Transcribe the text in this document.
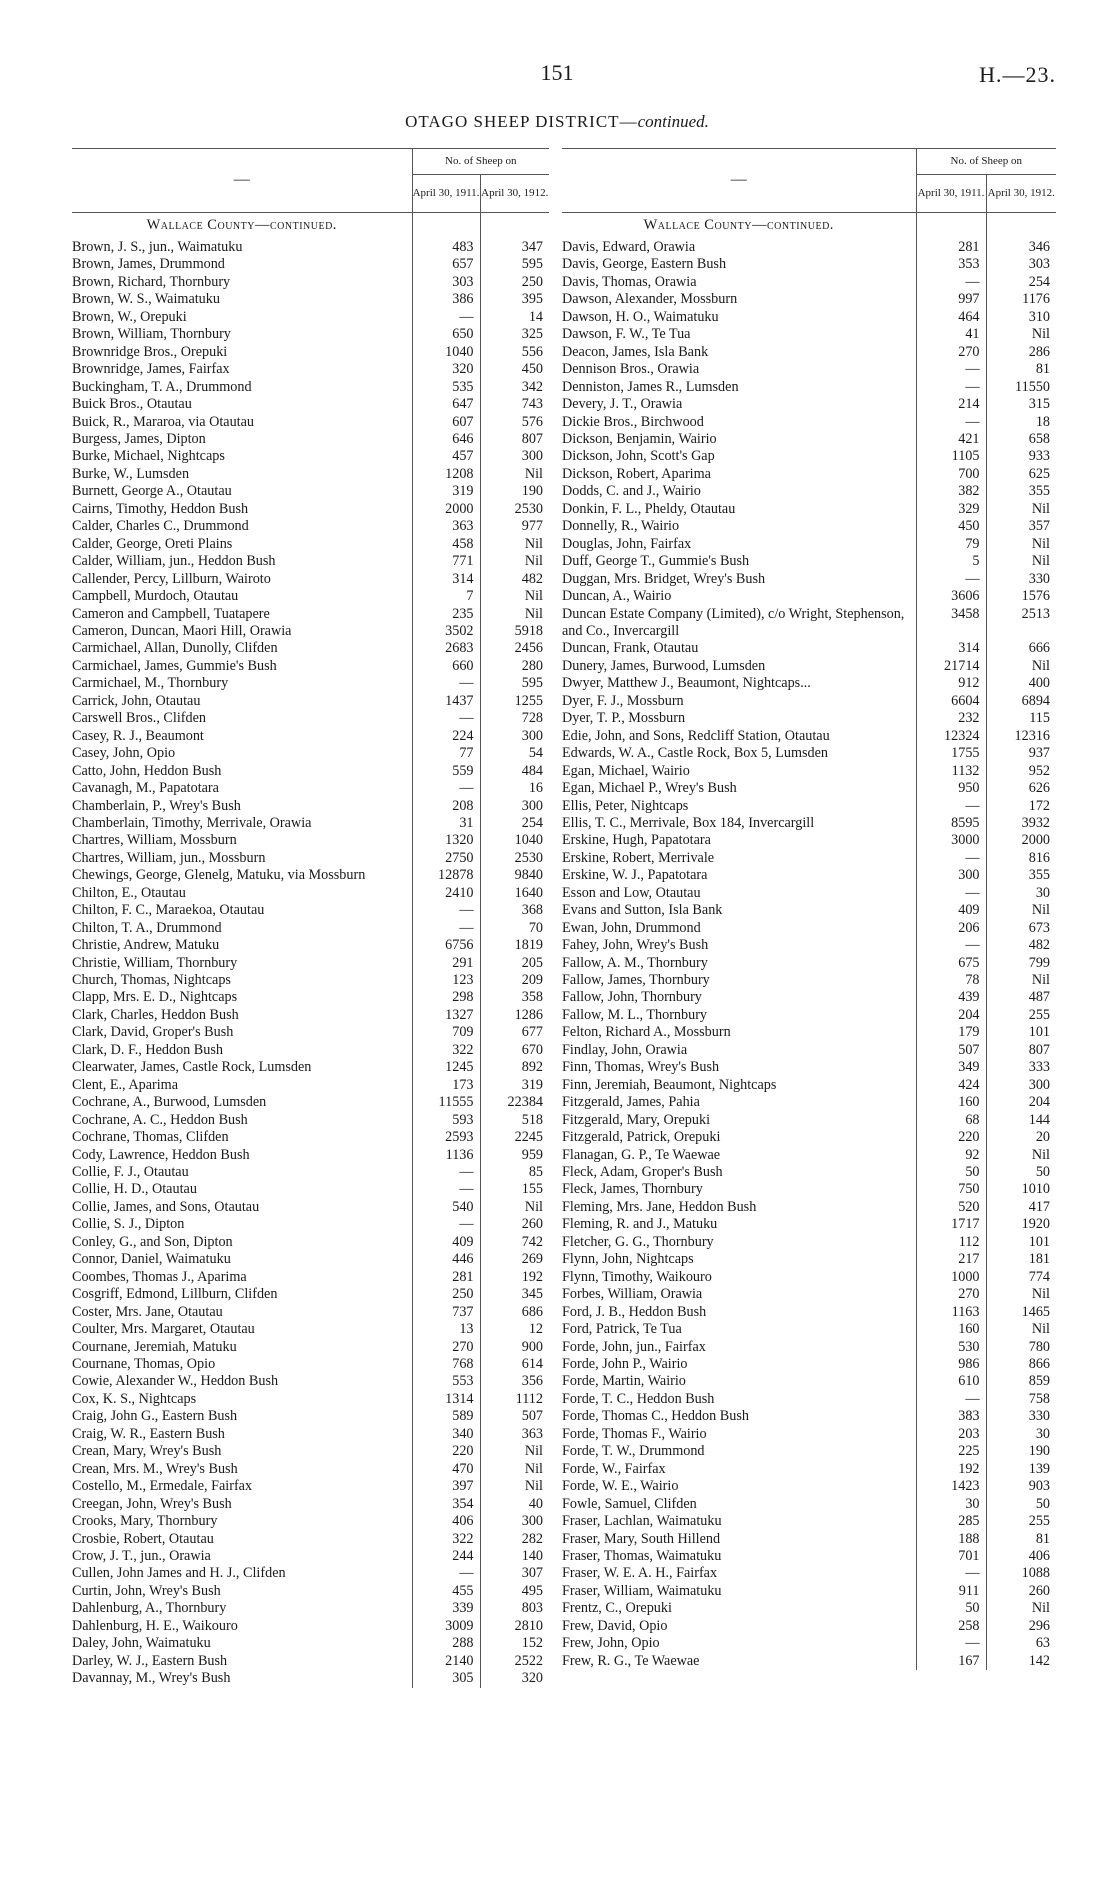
151	H.—23.
OTAGO SHEEP DISTRICT—continued.
—	No. of Sheep on	
	April 30, 1911.	April 30, 1912.
Wallace County—continued.		
Brown, J. S., jun., Waimatuku	483	347
Brown, James, Drummond	657	595
Brown, Richard, Thornbury	303	250
Brown, W. S., Waimatuku	386	395
Brown, W., Orepuki	—	14
Brown, William, Thornbury	650	325
Brownridge Bros., Orepuki	1040	556
Brownridge, James, Fairfax	320	450
Buckingham, T. A., Drummond	535	342
Buick Bros., Otautau	647	743
Buick, R., Mararoa, via Otautau	607	576
Burgess, James, Dipton	646	807
Burke, Michael, Nightcaps	457	300
Burke, W., Lumsden	1208	Nil
Burnett, George A., Otautau	319	190
Cairns, Timothy, Heddon Bush	2000	2530
Calder, Charles C., Drummond	363	977
Calder, George, Oreti Plains	458	Nil
Calder, William, jun., Heddon Bush	771	Nil
Callender, Percy, Lillburn, Wairoto	314	482
Campbell, Murdoch, Otautau	7	Nil
Cameron and Campbell, Tuatapere	235	Nil
Cameron, Duncan, Maori Hill, Orawia	3502	5918
Carmichael, Allan, Dunolly, Clifden	2683	2456
Carmichael, James, Gummie's Bush	660	280
Carmichael, M., Thornbury	—	595
Carrick, John, Otautau	1437	1255
Carswell Bros., Clifden	—	728
Casey, R. J., Beaumont	224	300
Casey, John, Opio	77	54
Catto, John, Heddon Bush	559	484
Cavanagh, M., Papatotara	—	16
Chamberlain, P., Wrey's Bush	208	300
Chamberlain, Timothy, Merrivale, Orawia	31	254
Chartres, William, Mossburn	1320	1040
Chartres, William, jun., Mossburn	2750	2530
Chewings, George, Glenelg, Matuku, via Mossburn	12878	9840
Chilton, E., Otautau	2410	1640
Chilton, F. C., Maraekoa, Otautau	—	368
Chilton, T. A., Drummond	—	70
Christie, Andrew, Matuku	6756	1819
Christie, William, Thornbury	291	205
Church, Thomas, Nightcaps	123	209
Clapp, Mrs. E. D., Nightcaps	298	358
Clark, Charles, Heddon Bush	1327	1286
Clark, David, Groper's Bush	709	677
Clark, D. F., Heddon Bush	322	670
Clearwater, James, Castle Rock, Lumsden	1245	892
Clent, E., Aparima	173	319
Cochrane, A., Burwood, Lumsden	11555	22384
Cochrane, A. C., Heddon Bush	593	518
Cochrane, Thomas, Clifden	2593	2245
Cody, Lawrence, Heddon Bush	1136	959
Collie, F. J., Otautau	—	85
Collie, H. D., Otautau	—	155
Collie, James, and Sons, Otautau	540	Nil
Collie, S. J., Dipton	—	260
Conley, G., and Son, Dipton	409	742
Connor, Daniel, Waimatuku	446	269
Coombes, Thomas J., Aparima	281	192
Cosgriff, Edmond, Lillburn, Clifden	250	345
Coster, Mrs. Jane, Otautau	737	686
Coulter, Mrs. Margaret, Otautau	13	12
Cournane, Jeremiah, Matuku	270	900
Cournane, Thomas, Opio	768	614
Cowie, Alexander W., Heddon Bush	553	356
Cox, K. S., Nightcaps	1314	1112
Craig, John G., Eastern Bush	589	507
Craig, W. R., Eastern Bush	340	363
Crean, Mary, Wrey's Bush	220	Nil
Crean, Mrs. M., Wrey's Bush	470	Nil
Costello, M., Ermedale, Fairfax	397	Nil
Creegan, John, Wrey's Bush	354	40
Crooks, Mary, Thornbury	406	300
Crosbie, Robert, Otautau	322	282
Crow, J. T., jun., Orawia	244	140
Cullen, John James and H. J., Clifden	—	307
Curtin, John, Wrey's Bush	455	495
Dahlenburg, A., Thornbury	339	803
Dahlenburg, H. E., Waikouro	3009	2810
Daley, John, Waimatuku	288	152
Darley, W. J., Eastern Bush	2140	2522
Davannay, M., Wrey's Bush	305	320
—	No. of Sheep on	
	April 30, 1911.	April 30, 1912.
Wallace County—continued.		
Davis, Edward, Orawia	281	346
Davis, George, Eastern Bush	353	303
Davis, Thomas, Orawia	—	254
Dawson, Alexander, Mossburn	997	1176
Dawson, H. O., Waimatuku	464	310
Dawson, F. W., Te Tua	41	Nil
Deacon, James, Isla Bank	270	286
Dennison Bros., Orawia	—	81
Denniston, James R., Lumsden	—	11550
Devery, J. T., Orawia	214	315
Dickie Bros., Birchwood	—	18
Dickson, Benjamin, Wairio	421	658
Dickson, John, Scott's Gap	1105	933
Dickson, Robert, Aparima	700	625
Dodds, C. and J., Wairio	382	355
Donkin, F. L., Pheldy, Otautau	329	Nil
Donnelly, R., Wairio	450	357
Douglas, John, Fairfax	79	Nil
Duff, George T., Gummie's Bush	5	Nil
Duggan, Mrs. Bridget, Wrey's Bush	—	330
Duncan, A., Wairio	3606	1576
Duncan Estate Company (Limited), c/o Wright, Stephenson, and Co., Invercargill	3458	2513
Duncan, Frank, Otautau	314	666
Dunery, James, Burwood, Lumsden	21714	Nil
Dwyer, Matthew J., Beaumont, Nightcaps...	912	400
Dyer, F. J., Mossburn	6604	6894
Dyer, T. P., Mossburn	232	115
Edie, John, and Sons, Redcliff Station, Otautau	12324	12316
Edwards, W. A., Castle Rock, Box 5, Lumsden	1755	937
Egan, Michael, Wairio	1132	952
Egan, Michael P., Wrey's Bush	950	626
Ellis, Peter, Nightcaps	—	172
Ellis, T. C., Merrivale, Box 184, Invercargill	8595	3932
Erskine, Hugh, Papatotara	3000	2000
Erskine, Robert, Merrivale	—	816
Erskine, W. J., Papatotara	300	355
Esson and Low, Otautau	—	30
Evans and Sutton, Isla Bank	409	Nil
Ewan, John, Drummond	206	673
Fahey, John, Wrey's Bush	—	482
Fallow, A. M., Thornbury	675	799
Fallow, James, Thornbury	78	Nil
Fallow, John, Thornbury	439	487
Fallow, M. L., Thornbury	204	255
Felton, Richard A., Mossburn	179	101
Findlay, John, Orawia	507	807
Finn, Thomas, Wrey's Bush	349	333
Finn, Jeremiah, Beaumont, Nightcaps	424	300
Fitzgerald, James, Pahia	160	204
Fitzgerald, Mary, Orepuki	68	144
Fitzgerald, Patrick, Orepuki	220	20
Flanagan, G. P., Te Waewae	92	Nil
Fleck, Adam, Groper's Bush	50	50
Fleck, James, Thornbury	750	1010
Fleming, Mrs. Jane, Heddon Bush	520	417
Fleming, R. and J., Matuku	1717	1920
Fletcher, G. G., Thornbury	112	101
Flynn, John, Nightcaps	217	181
Flynn, Timothy, Waikouro	1000	774
Forbes, William, Orawia	270	Nil
Ford, J. B., Heddon Bush	1163	1465
Ford, Patrick, Te Tua	160	Nil
Forde, John, jun., Fairfax	530	780
Forde, John P., Wairio	986	866
Forde, Martin, Wairio	610	859
Forde, T. C., Heddon Bush	—	758
Forde, Thomas C., Heddon Bush	383	330
Forde, Thomas F., Wairio	203	30
Forde, T. W., Drummond	225	190
Forde, W., Fairfax	192	139
Forde, W. E., Wairio	1423	903
Fowle, Samuel, Clifden	30	50
Fraser, Lachlan, Waimatuku	285	255
Fraser, Mary, South Hillend	188	81
Fraser, Thomas, Waimatuku	701	406
Fraser, W. E. A. H., Fairfax	—	1088
Fraser, William, Waimatuku	911	260
Frentz, C., Orepuki	50	Nil
Frew, David, Opio	258	296
Frew, John, Opio	—	63
Frew, R. G., Te Waewae	167	142
